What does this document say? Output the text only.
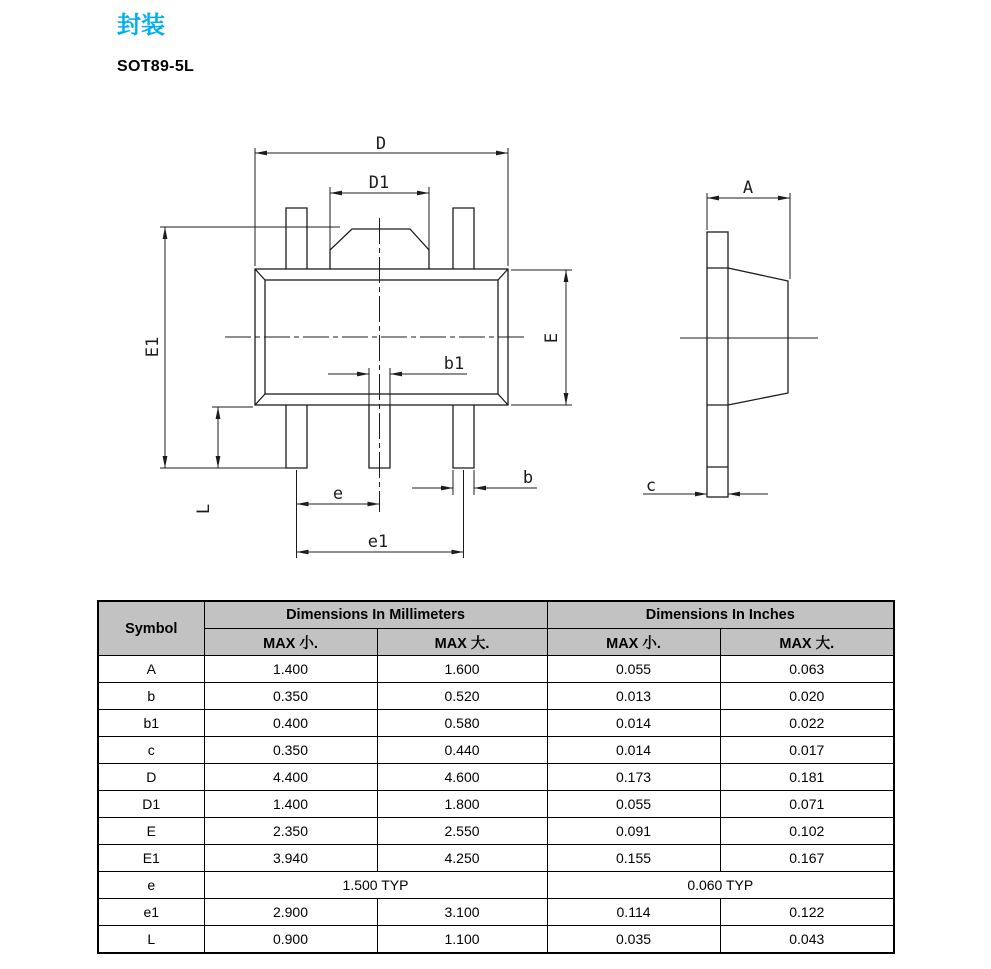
封装
SOT89-5L
D
D1	A
E1	E
L
b1
b
e
e1
c
Symbol	Dimensions In Millimeters		Dimensions In Inches	
	MAX 小.	MAX 大.	MAX 小.	MAX 大.
A	1.400	1.600	0.055	0.063
b	0.350	0.520	0.013	0.020
b1	0.400	0.580	0.014	0.022
c	0.350	0.440	0.014	0.017
D	4.400	4.600	0.173	0.181
D1	1.400	1.800	0.055	0.071
E	2.350	2.550	0.091	0.102
E1	3.940	4.250	0.155	0.167
e	1.500 TYP		0.060 TYP	
e1	2.900	3.100	0.114	0.122
L	0.900	1.100	0.035	0.043
